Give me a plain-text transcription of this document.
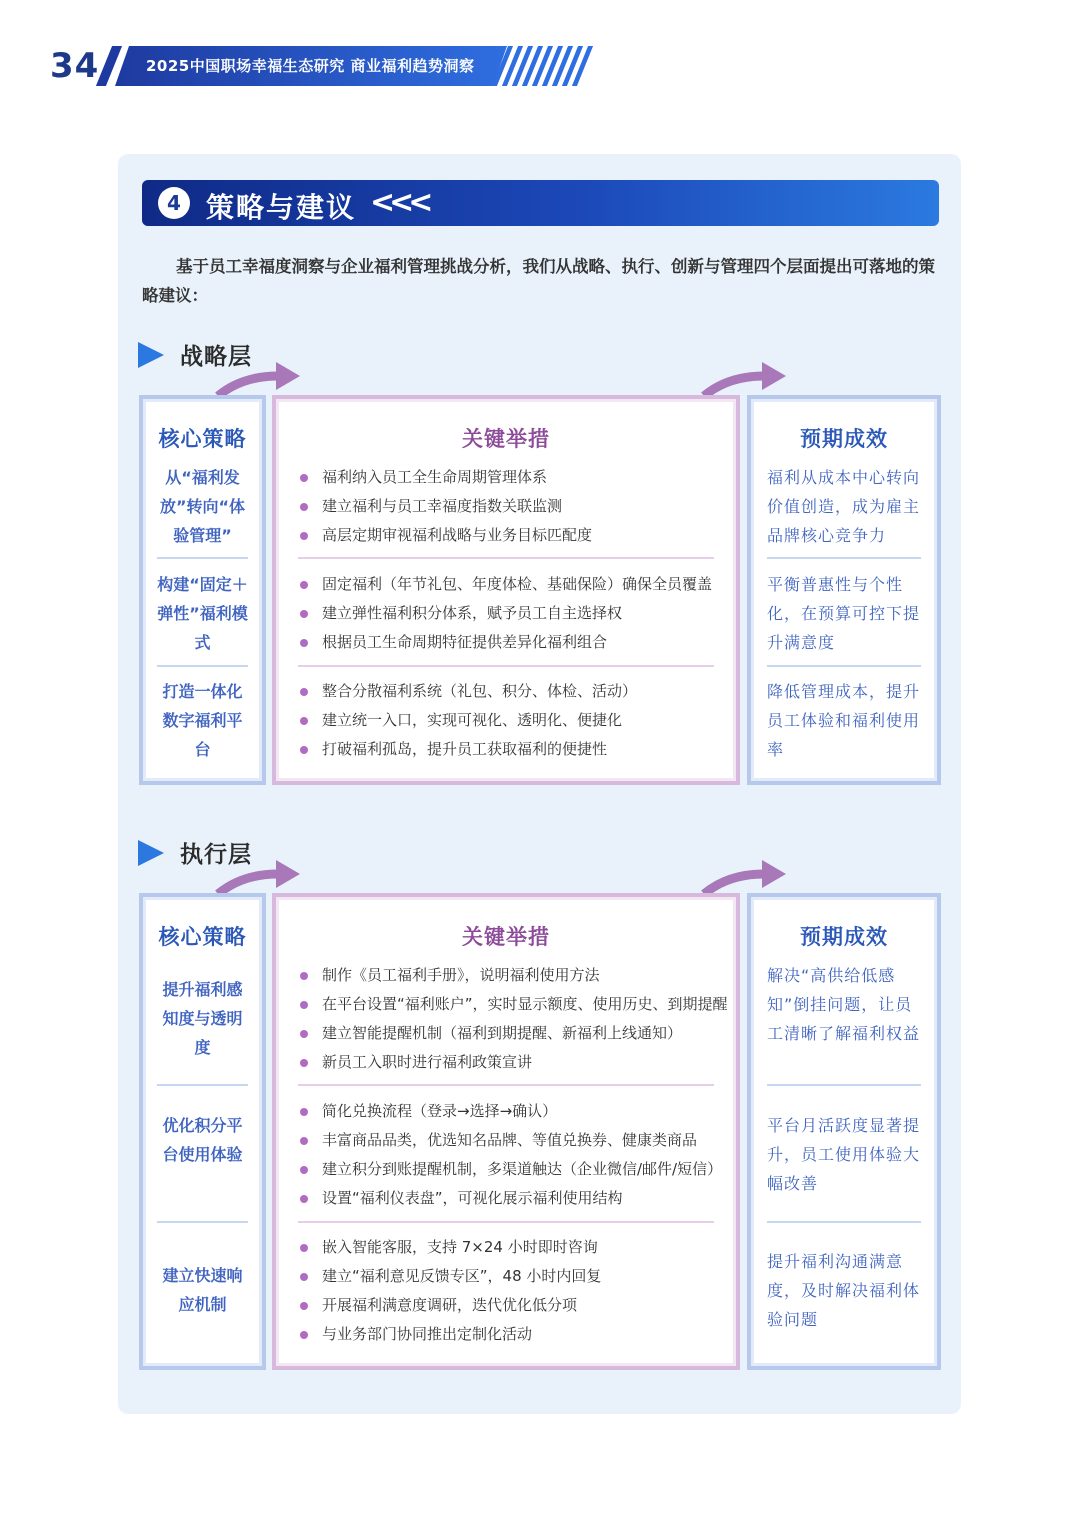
34	2025中国职场幸福生态研究 商业福利趋势洞察
4 策略与建议 <
<
<
基于员工幸福度洞察与企业福利管理挑战分析，我们从战略、执行、创新与管理四个层面提出可落地的策略建议：
战略层
核心策略
从“福利发放”转向“体验管理”
构建“固定＋弹性”福利模式
打造一体化数字福利平台
关键举措
福利纳入员工全生命周期管理体系
建立福利与员工幸福度指数关联监测
高层定期审视福利战略与业务目标匹配度
固定福利（年节礼包、年度体检、基础保险）确保全员覆盖
建立弹性福利积分体系，赋予员工自主选择权
根据员工生命周期特征提供差异化福利组合
整合分散福利系统（礼包、积分、体检、活动）
建立统一入口，实现可视化、透明化、便捷化
打破福利孤岛，提升员工获取福利的便捷性
预期成效
福利从成本中心转向价值创造，成为雇主品牌核心竞争力
平衡普惠性与个性化，在预算可控下提升满意度
降低管理成本，提升员工体验和福利使用率
执行层
核心策略
提升福利感知度与透明度
优化积分平台使用体验
建立快速响应机制
关键举措
制作《员工福利手册》，说明福利使用方法
在平台设置“福利账户”，实时显示额度、使用历史、到期提醒
建立智能提醒机制（福利到期提醒、新福利上线通知）
新员工入职时进行福利政策宣讲
简化兑换流程（登录→选择→确认）
丰富商品品类，优选知名品牌、等值兑换券、健康类商品
建立积分到账提醒机制，多渠道触达（企业微信/邮件/短信）
设置“福利仪表盘”，可视化展示福利使用结构
嵌入智能客服，支持 7×24 小时即时咨询
建立“福利意见反馈专区”，48 小时内回复
开展福利满意度调研，迭代优化低分项
与业务部门协同推出定制化活动
预期成效
解决“高供给低感知”倒挂问题，让员工清晰了解福利权益
平台月活跃度显著提升，员工使用体验大幅改善
提升福利沟通满意度，及时解决福利体验问题
